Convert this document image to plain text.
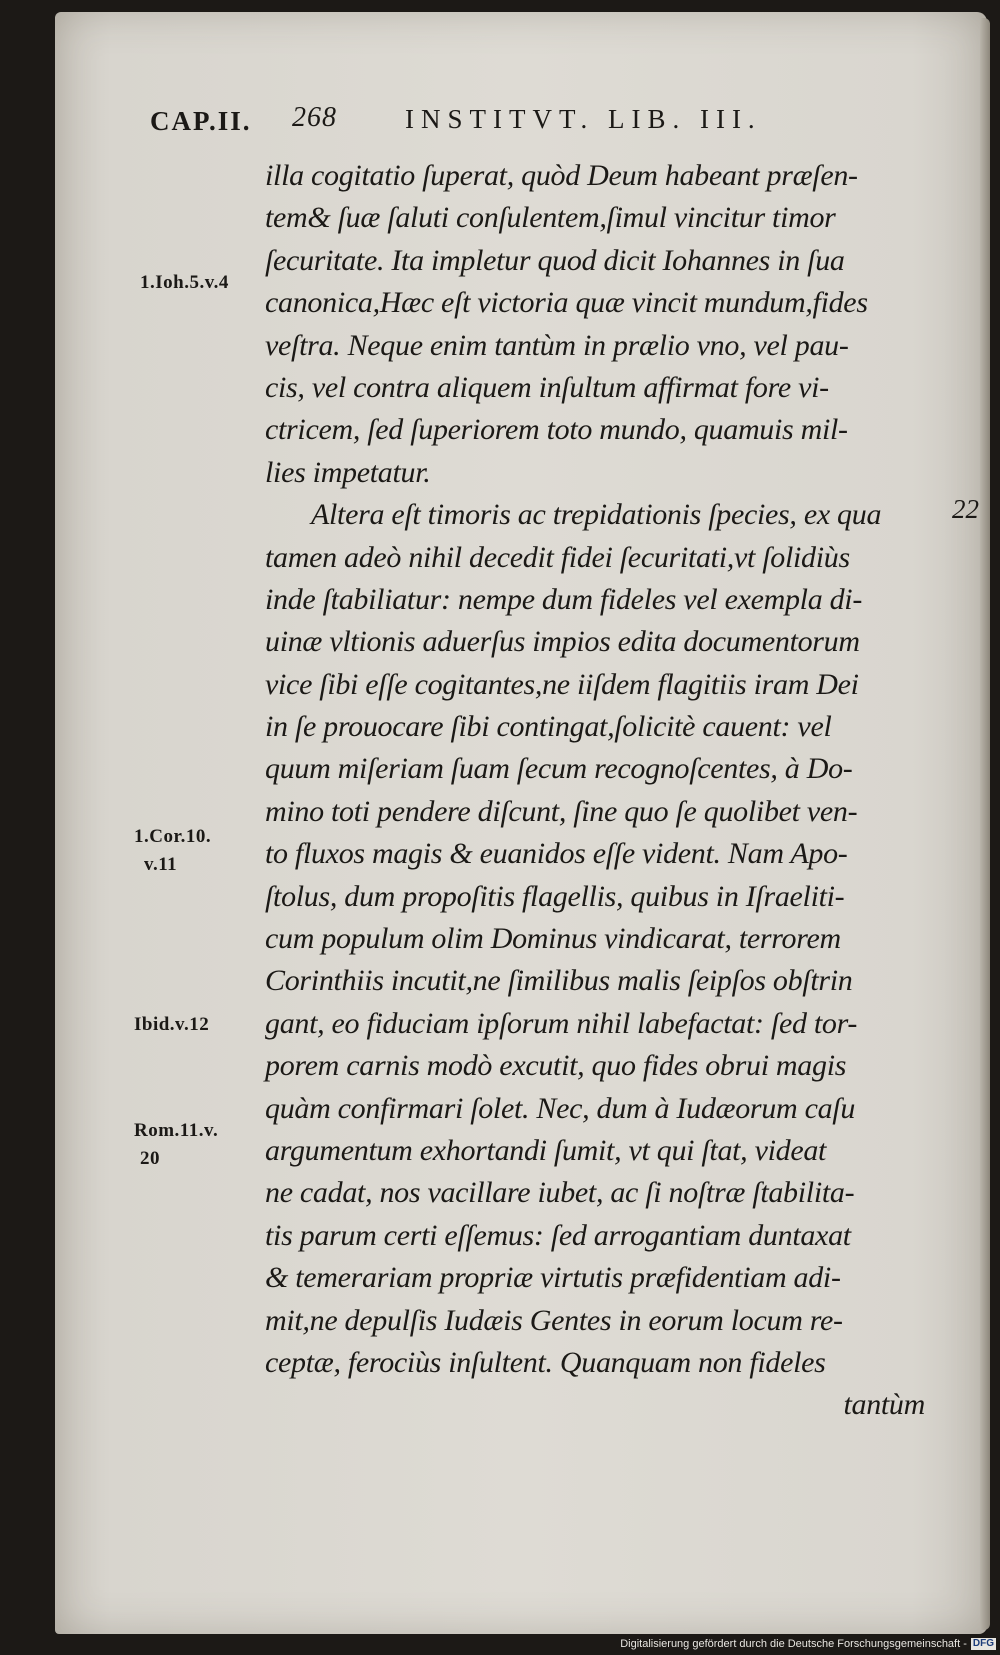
CAP.II. 268	INSTITVT. LIB. III.
illa cogitatio ſuperat, quòd Deum habeant præſen-
tem& ſuæ ſaluti conſulentem,ſimul vincitur timor
ſecuritate. Ita impletur quod dicit Iohannes in ſua
canonica,Hæc eſt victoria quæ vincit mundum,fides
veſtra. Neque enim tantùm in prælio vno, vel pau-
cis, vel contra aliquem inſultum affirmat fore vi-
ctricem, ſed ſuperiorem toto mundo, quamuis mil-
lies impetatur.
Altera eſt timoris ac trepidationis ſpecies, ex qua
tamen adeò nihil decedit fidei ſecuritati,vt ſolidiùs
inde ſtabiliatur: nempe dum fideles vel exempla di-
uinæ vltionis aduerſus impios edita documentorum
vice ſibi eſſe cogitantes,ne iiſdem flagitiis iram Dei
in ſe prouocare ſibi contingat,ſolicitè cauent: vel
quum miſeriam ſuam ſecum recognoſcentes, à Do-
mino toti pendere diſcunt, ſine quo ſe quolibet ven-
to fluxos magis & euanidos eſſe vident. Nam Apo-
ſtolus, dum propoſitis flagellis, quibus in Iſraeliti-
cum populum olim Dominus vindicarat, terrorem
Corinthiis incutit,ne ſimilibus malis ſeipſos obſtrin
gant, eo fiduciam ipſorum nihil labefactat: ſed tor-
porem carnis modò excutit, quo fides obrui magis
quàm confirmari ſolet. Nec, dum à Iudæorum caſu
argumentum exhortandi ſumit, vt qui ſtat, videat
ne cadat, nos vacillare iubet, ac ſi noſtræ ſtabilita-
tis parum certi eſſemus: ſed arrogantiam duntaxat
& temerariam propriæ virtutis præfidentiam adi-
mit,ne depulſis Iudæis Gentes in eorum locum re-
ceptæ, ferociùs inſultent. Quanquam non fideles
tantùm
1.Ioh.5.v.4
1.Cor.10.
v.11
Ibid.v.12
Rom.11.v.
20
22
Digitalisierung gefördert durch die Deutsche Forschungsgemeinschaft - DFG
